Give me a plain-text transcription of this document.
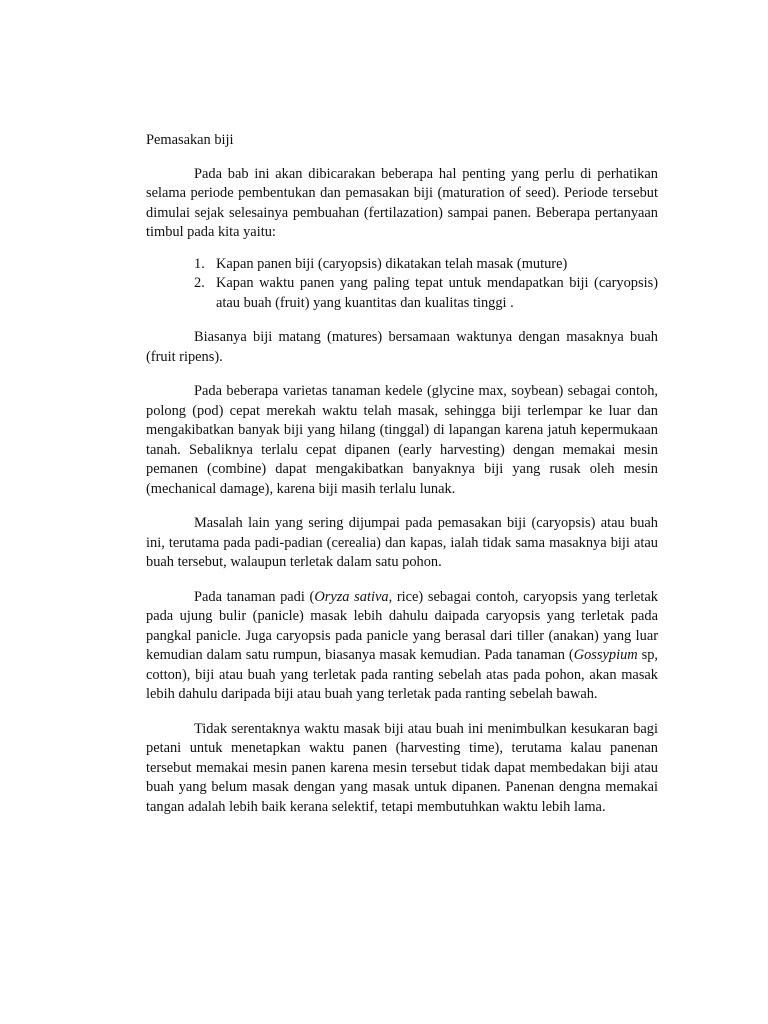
Pemasakan biji

Pada bab ini akan dibicarakan beberapa hal penting yang perlu di perhatikan selama periode pembentukan dan pemasakan biji (maturation of seed). Periode tersebut dimulai sejak selesainya pembuahan (fertilazation) sampai panen. Beberapa pertanyaan timbul pada kita yaitu:

1. Kapan panen biji (caryopsis) dikatakan telah masak (muture)
2. Kapan waktu panen yang paling tepat untuk mendapatkan biji (caryopsis) atau buah (fruit) yang kuantitas dan kualitas tinggi .

Biasanya biji matang (matures) bersamaan waktunya dengan masaknya buah (fruit ripens).

Pada beberapa varietas tanaman kedele (glycine max, soybean) sebagai contoh, polong (pod) cepat merekah waktu telah masak, sehingga biji terlempar ke luar dan mengakibatkan banyak biji yang hilang (tinggal) di lapangan karena jatuh kepermukaan tanah. Sebaliknya terlalu cepat dipanen (early harvesting) dengan memakai mesin pemanen (combine) dapat mengakibatkan banyaknya biji yang rusak oleh mesin (mechanical damage), karena biji masih terlalu lunak.

Masalah lain yang sering dijumpai pada pemasakan biji (caryopsis) atau buah ini, terutama pada padi-padian (cerealia) dan kapas, ialah tidak sama masaknya biji atau buah tersebut, walaupun terletak dalam satu pohon.

Pada tanaman padi (Oryza sativa, rice) sebagai contoh, caryopsis yang terletak pada ujung bulir (panicle) masak lebih dahulu daipada caryopsis yang terletak pada pangkal panicle. Juga caryopsis pada panicle yang berasal dari tiller (anakan) yang luar kemudian dalam satu rumpun, biasanya masak kemudian. Pada tanaman (Gossypium sp, cotton), biji atau buah yang terletak pada ranting sebelah atas pada pohon, akan masak lebih dahulu daripada biji atau buah yang terletak pada ranting sebelah bawah.

Tidak serentaknya waktu masak biji atau buah ini menimbulkan kesukaran bagi petani untuk menetapkan waktu panen (harvesting time), terutama kalau panenan tersebut memakai mesin panen karena mesin tersebut tidak dapat membedakan biji atau buah yang belum masak dengan yang masak untuk dipanen. Panenan dengna memakai tangan adalah lebih baik kerana selektif, tetapi membutuhkan waktu lebih lama.
